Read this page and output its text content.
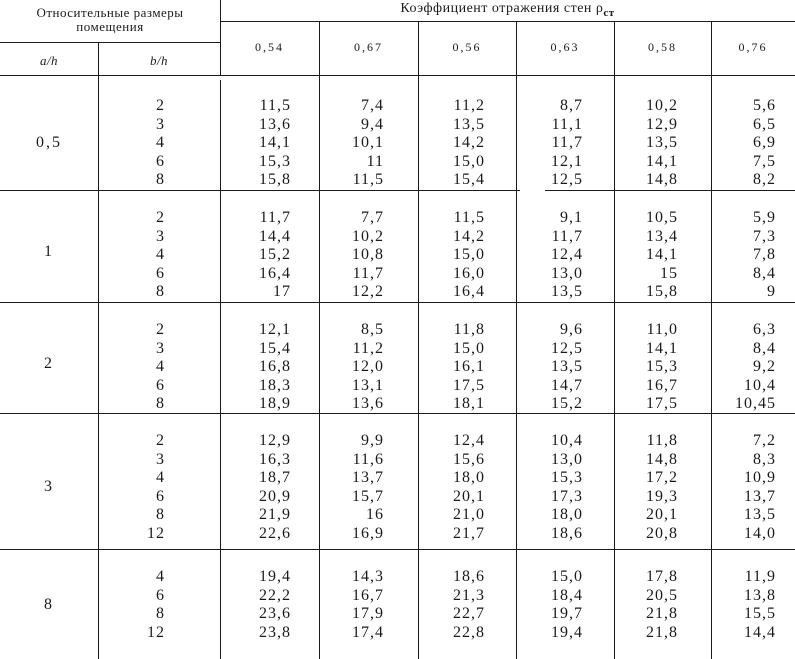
Относительные размеры
помещения
Коэффициент отражения стен $\rho_{ст}$
a/h	b/h
0,54	0,67	0,56	0,63	0,58	0,76
0,5
2	11,5	7,4	11,2	8,7	10,2	5,6
3	13,6	9,4	13,5	11,1	12,9	6,5
4	14,1	10,1	14,2	11,7	13,5	6,9
6	15,3	11	15,0	12,1	14,1	7,5
8	15,8	11,5	15,4	12,5	14,8	8,2
1
2	11,7	7,7	11,5	9,1	10,5	5,9
3	14,4	10,2	14,2	11,7	13,4	7,3
4	15,2	10,8	15,0	12,4	14,1	7,8
6	16,4	11,7	16,0	13,0	15	8,4
8	17	12,2	16,4	13,5	15,8	9
2
2	12,1	8,5	11,8	9,6	11,0	6,3
3	15,4	11,2	15,0	12,5	14,1	8,4
4	16,8	12,0	16,1	13,5	15,3	9,2
6	18,3	13,1	17,5	14,7	16,7	10,4
8	18,9	13,6	18,1	15,2	17,5	10,45
3
2	12,9	9,9	12,4	10,4	11,8	7,2
3	16,3	11,6	15,6	13,0	14,8	8,3
4	18,7	13,7	18,0	15,3	17,2	10,9
6	20,9	15,7	20,1	17,3	19,3	13,7
8	21,9	16	21,0	18,0	20,1	13,5
12	22,6	16,9	21,7	18,6	20,8	14,0
8
4	19,4	14,3	18,6	15,0	17,8	11,9
6	22,2	16,7	21,3	18,4	20,5	13,8
8	23,6	17,9	22,7	19,7	21,8	15,5
12	23,8	17,4	22,8	19,4	21,8	14,4
